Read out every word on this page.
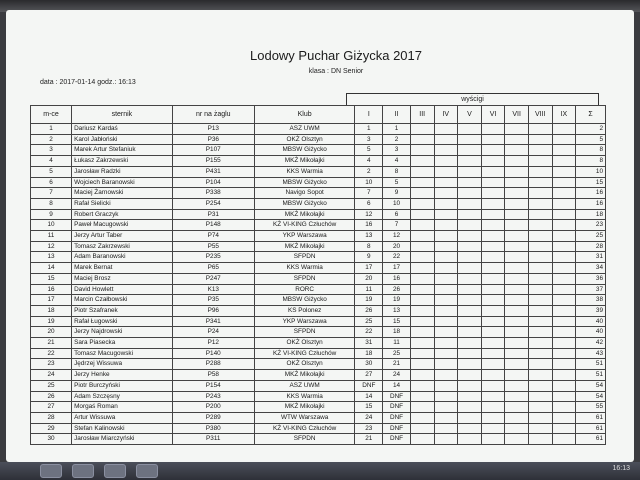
Lodowy Puchar Giżycka 2017
klasa : DN Senior
data : 2017-01-14 godz.: 16:13
wyścigi
m-ce	sternik	nr na żaglu	Klub	I	II	III	IV	V	VI	VII	VIII	IX	Σ
1	Dariusz Kardaś	P13	ASZ UWM	1	1								2
2	Karol Jabłoński	P36	OKŻ Olsztyn	3	2								5
3	Marek Artur Stefaniuk	P107	MBSW Giżycko	5	3								8
4	Łukasz Zakrzewski	P155	MKŻ Mikołajki	4	4								8
5	Jarosław Radzki	P431	KKS Warmia	2	8								10
6	Wojciech Baranowski	P104	MBSW Giżycko	10	5								15
7	Maciej Żarnowski	P338	Navigo Sopot	7	9								16
8	Rafał Sielicki	P254	MBSW Giżycko	6	10								16
9	Robert Graczyk	P31	MKŻ Mikołajki	12	6								18
10	Paweł Macugowski	P148	KŻ VI-KING Człuchów	16	7								23
11	Jerzy Artur Taber	P74	YKP Warszawa	13	12								25
12	Tomasz Zakrzewski	P55	MKŻ Mikołajki	8	20								28
13	Adam Baranowski	P235	SFPDN	9	22								31
14	Marek Bernat	P65	KKS Warmia	17	17								34
15	Maciej Brosz	P247	SFPDN	20	16								36
16	David Howlett	K13	RORC	11	26								37
17	Marcin Czałbowski	P35	MBSW Giżycko	19	19								38
18	Piotr Szafranek	P96	KS Polonez	26	13								39
19	Rafał Ługowski	P341	YKP Warszawa	25	15								40
20	Jerzy Najdrowski	P24	SFPDN	22	18								40
21	Sara Piasecka	P12	OKŻ Olsztyn	31	11								42
22	Tomasz Macugowski	P140	KŻ VI-KING Człuchów	18	25								43
23	Jędrzej Wissuwa	P288	OKŻ Olsztyn	30	21								51
24	Jerzy Henke	P58	MKŻ Mikołajki	27	24								51
25	Piotr Burczyński	P154	ASZ UWM	DNF	14								54
26	Adam Szczęsny	P243	KKS Warmia	14	DNF								54
27	Morgaś Roman	P200	MKŻ Mikołajki	15	DNF								55
28	Artur Wissuwa	P289	WTW Warszawa	24	DNF								61
29	Stefan Kalinowski	P380	KŻ VI-KING Człuchów	23	DNF								61
30	Jarosław Miarczyński	P311	SFPDN	21	DNF								61
16:13
